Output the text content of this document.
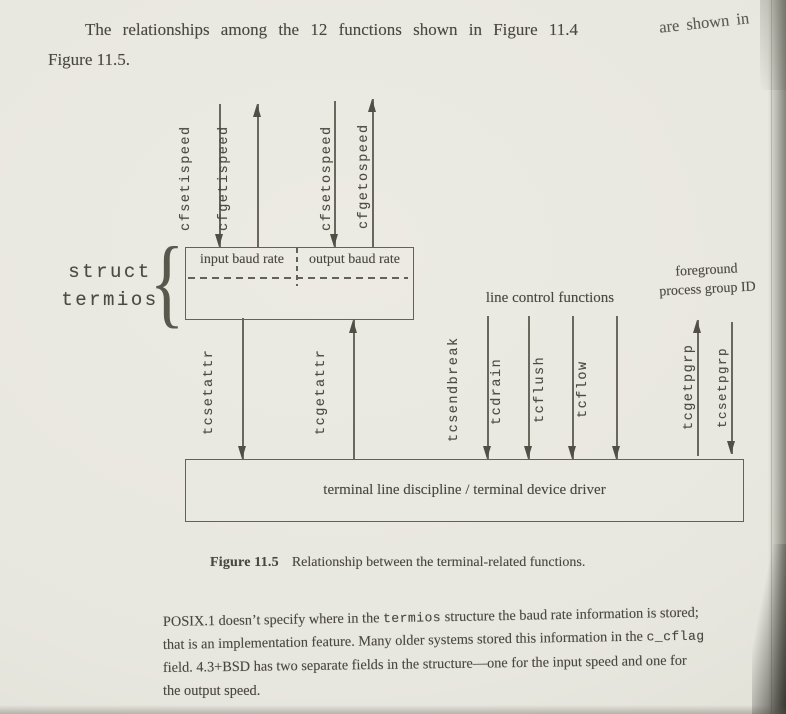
The relationships among the 12 functions shown in Figure 11.4	are shown in
Figure 11.5.
cfsetispeed cfgetispeed	cfsetospeed cfgetospeed
{
struct
termios
input baud rate	output baud rate
line control functions
foreground
process group ID
tcsetattr	tcgetattr	tcsendbreak tcdrain tcflush tcflow	tcgetpgrp tcsetpgrp
terminal line discipline / terminal device driver
Figure 11.5 Relationship between the terminal-related functions.
POSIX.1 doesn’t specify where in the termios structure the baud rate information is stored;
that is an implementation feature. Many older systems stored this information in the c_cflag
field. 4.3+BSD has two separate fields in the structure—one for the input speed and one for
the output speed.
